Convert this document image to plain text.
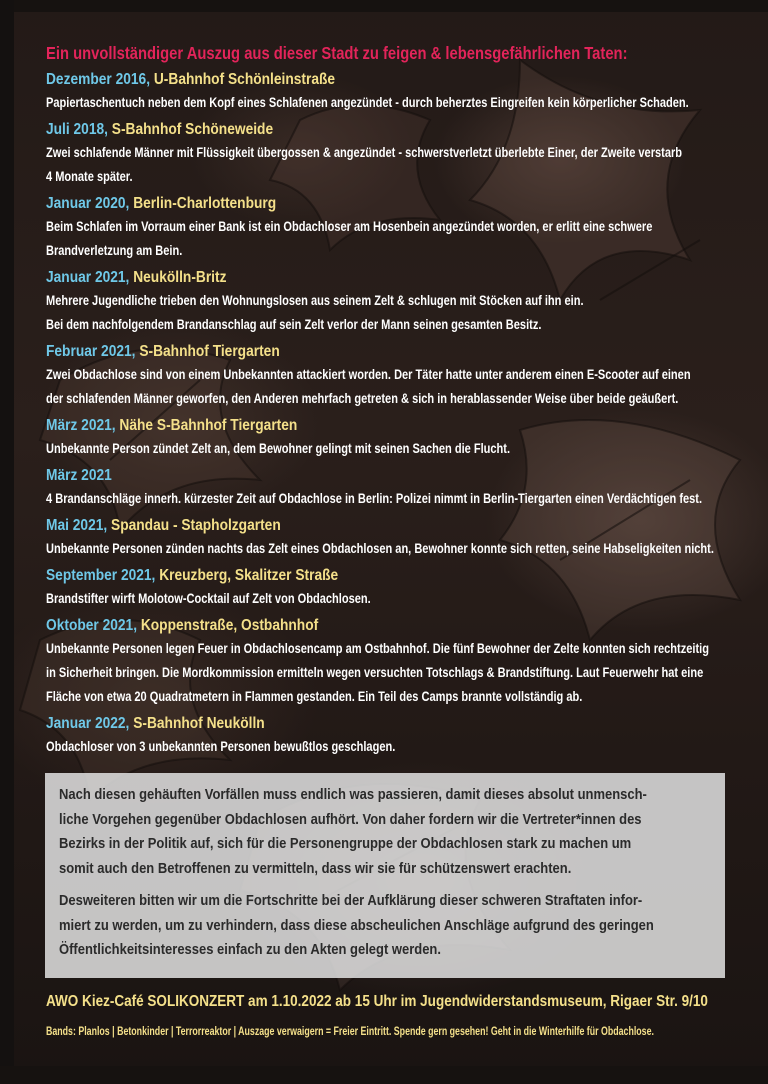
Ein unvollständiger Auszug aus dieser Stadt zu feigen & lebensgefährlichen Taten:
Dezember 2016, U-Bahnhof Schönleinstraße
Papiertaschentuch neben dem Kopf eines Schlafenen angezündet - durch beherztes Eingreifen kein körperlicher Schaden.
Juli 2018, S-Bahnhof Schöneweide
Zwei schlafende Männer mit Flüssigkeit übergossen & angezündet - schwerstverletzt überlebte Einer, der Zweite verstarb
4 Monate später.
Januar 2020, Berlin-Charlottenburg
Beim Schlafen im Vorraum einer Bank ist ein Obdachloser am Hosenbein angezündet worden, er erlitt eine schwere
Brandverletzung am Bein.
Januar 2021, Neukölln-Britz
Mehrere Jugendliche trieben den Wohnungslosen aus seinem Zelt & schlugen mit Stöcken auf ihn ein.
Bei dem nachfolgendem Brandanschlag auf sein Zelt verlor der Mann seinen gesamten Besitz.
Februar 2021, S-Bahnhof Tiergarten
Zwei Obdachlose sind von einem Unbekannten attackiert worden. Der Täter hatte unter anderem einen E-Scooter auf einen
der schlafenden Männer geworfen, den Anderen mehrfach getreten & sich in herablassender Weise über beide geäußert.
März 2021, Nähe S-Bahnhof Tiergarten
Unbekannte Person zündet Zelt an, dem Bewohner gelingt mit seinen Sachen die Flucht.
März 2021
4 Brandanschläge innerh. kürzester Zeit auf Obdachlose in Berlin: Polizei nimmt in Berlin-Tiergarten einen Verdächtigen fest.
Mai 2021, Spandau - Stapholzgarten
Unbekannte Personen zünden nachts das Zelt eines Obdachlosen an, Bewohner konnte sich retten, seine Habseligkeiten nicht.
September 2021, Kreuzberg, Skalitzer Straße
Brandstifter wirft Molotow-Cocktail auf Zelt von Obdachlosen.
Oktober 2021, Koppenstraße, Ostbahnhof
Unbekannte Personen legen Feuer in Obdachlosencamp am Ostbahnhof. Die fünf Bewohner der Zelte konnten sich rechtzeitig
in Sicherheit bringen. Die Mordkommission ermitteln wegen versuchten Totschlags & Brandstiftung. Laut Feuerwehr hat eine
Fläche von etwa 20 Quadratmetern in Flammen gestanden. Ein Teil des Camps brannte vollständig ab.
Januar 2022, S-Bahnhof Neukölln
Obdachloser von 3 unbekannten Personen bewußtlos geschlagen.
Nach diesen gehäuften Vorfällen muss endlich was passieren, damit dieses absolut unmensch-
liche Vorgehen gegenüber Obdachlosen aufhört. Von daher fordern wir die Vertreter*innen des
Bezirks in der Politik auf, sich für die Personengruppe der Obdachlosen stark zu machen um
somit auch den Betroffenen zu vermitteln, dass wir sie für schützenswert erachten.
Desweiteren bitten wir um die Fortschritte bei der Aufklärung dieser schweren Straftaten infor-
miert zu werden, um zu verhindern, dass diese abscheulichen Anschläge aufgrund des geringen
Öffentlichkeitsinteresses einfach zu den Akten gelegt werden.
AWO Kiez-Café SOLIKONZERT am 1.10.2022 ab 15 Uhr im Jugendwiderstandsmuseum, Rigaer Str. 9/10
Bands: Planlos | Betonkinder | Terrorreaktor | Auszage verwaigern = Freier Eintritt. Spende gern gesehen! Geht in die Winterhilfe für Obdachlose.
